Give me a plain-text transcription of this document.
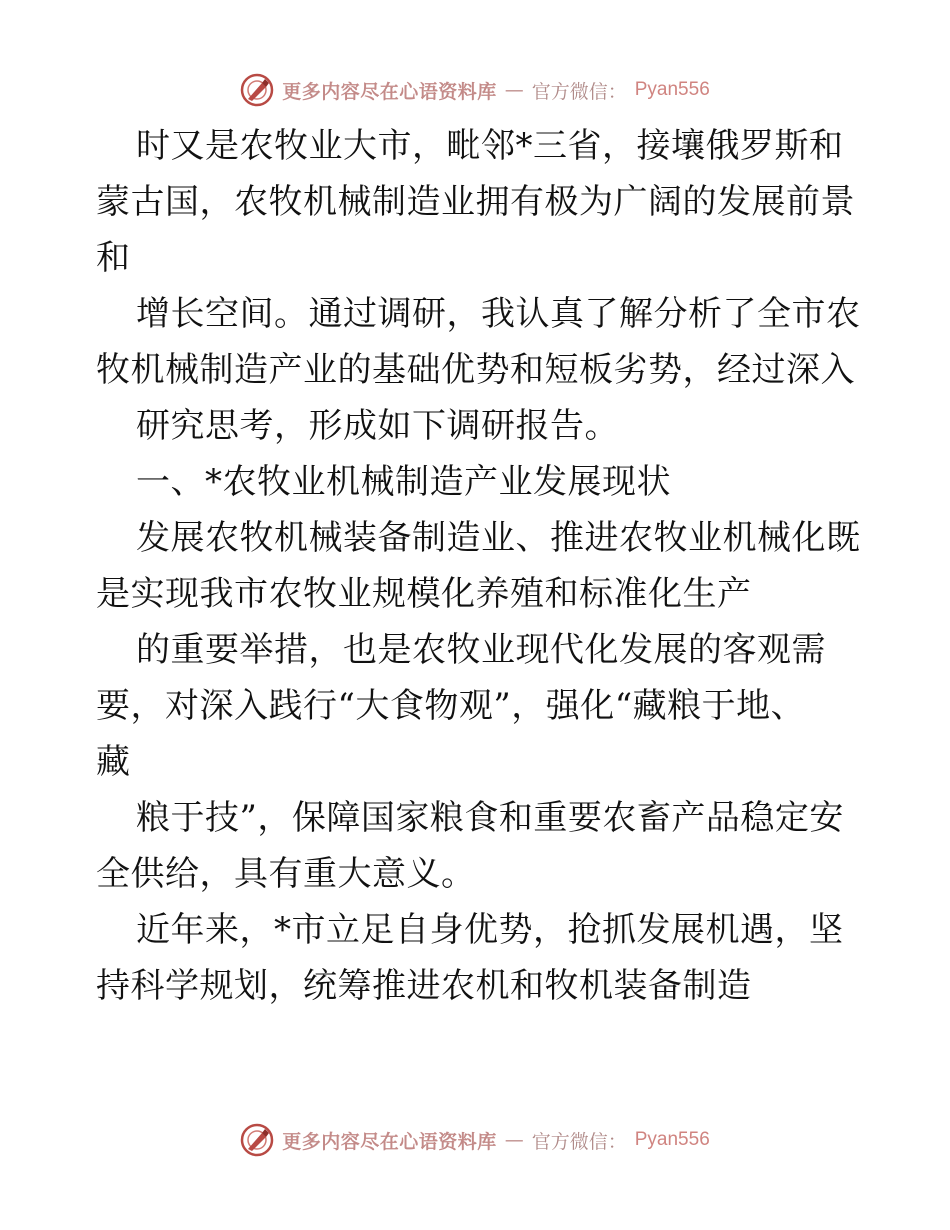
更多内容尽在心语资料库 — 官方微信： Pyan556
时又是农牧业大市，毗邻*三省，接壤俄罗斯和
蒙古国，农牧机械制造业拥有极为广阔的发展前景
和
增长空间。通过调研，我认真了解分析了全市农
牧机械制造产业的基础优势和短板劣势，经过深入
研究思考，形成如下调研报告。
一、*农牧业机械制造产业发展现状
发展农牧机械装备制造业、推进农牧业机械化既
是实现我市农牧业规模化养殖和标准化生产
的重要举措，也是农牧业现代化发展的客观需
要，对深入践行“大食物观”，强化“藏粮于地、
藏
粮于技”，保障国家粮食和重要农畜产品稳定安
全供给，具有重大意义。
近年来，*市立足自身优势，抢抓发展机遇，坚
持科学规划，统筹推进农机和牧机装备制造
更多内容尽在心语资料库 — 官方微信： Pyan556
